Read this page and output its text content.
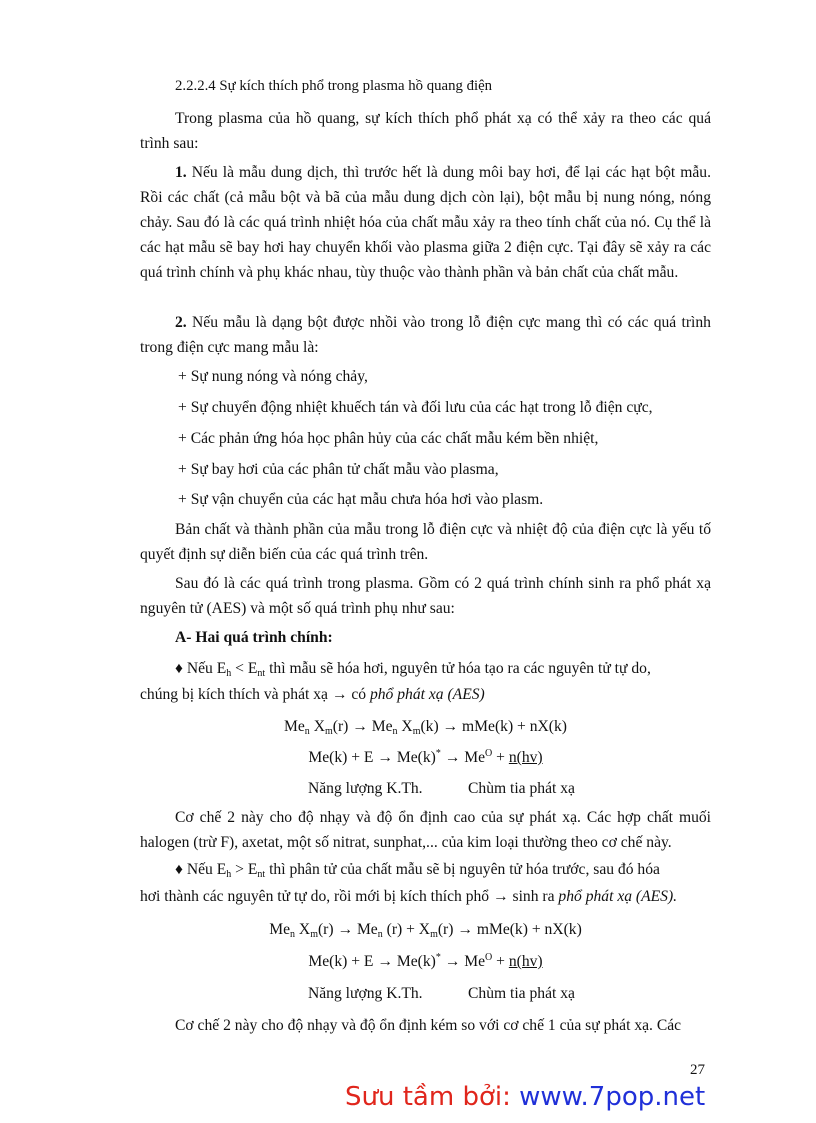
2.2.2.4 Sự kích thích phổ trong plasma hồ quang điện
Trong plasma của hồ quang, sự kích thích phổ phát xạ có thể xảy ra theo các quá trình sau:
1. Nếu là mẫu dung dịch, thì trước hết là dung môi bay hơi, để lại các hạt bột mẫu. Rồi các chất (cả mẫu bột và bã của mẫu dung dịch còn lại), bột mẫu bị nung nóng, nóng chảy. Sau đó là các quá trình nhiệt hóa của chất mẫu xảy ra theo tính chất của nó. Cụ thể là các hạt mẫu sẽ bay hơi hay chuyển khối vào plasma giữa 2 điện cực. Tại đây sẽ xảy ra các quá trình chính và phụ khác nhau, tùy thuộc vào thành phần và bản chất của chất mẫu.
2. Nếu mẫu là dạng bột được nhồi vào trong lỗ điện cực mang thì có các quá trình trong điện cực mang mẫu là:
+ Sự nung nóng và nóng chảy,
+ Sự chuyển động nhiệt khuếch tán và đối lưu của các hạt trong lỗ điện cực,
+ Các phản ứng hóa học phân hủy của các chất mẫu kém bền nhiệt,
+ Sự bay hơi của các phân tử chất mẫu vào plasma,
+ Sự vận chuyển của các hạt mẫu chưa hóa hơi vào plasm.
Bản chất và thành phần của mẫu trong lỗ điện cực và nhiệt độ của điện cực là yếu tố quyết định sự diễn biến của các quá trình trên.
Sau đó là các quá trình trong plasma. Gồm có 2 quá trình chính sinh ra phổ phát xạ nguyên tử (AES) và một số quá trình phụ như sau:
A- Hai quá trình chính:
♦ Nếu $E_h < E_{nt}$ thì mẫu sẽ hóa hơi, nguyên tử hóa tạo ra các nguyên tử tự do,
chúng bị kích thích và phát xạ → có phổ phát xạ (AES)
$Me_n$ $X_m(r) \to Me_n$ $X_m(k) \to mMe(k) + nX(k)$
$Me(k) + E \to Me(k)^* \to Me^O + n(hv)$
Năng lượng K.Th.	Chùm tia phát xạ
Cơ chế 2 này cho độ nhạy và độ ổn định cao của sự phát xạ. Các hợp chất muối halogen (trừ F), axetat, một số nitrat, sunphat,... của kim loại thường theo cơ chế này.
♦ Nếu $E_h > E_{nt}$ thì phân tử của chất mẫu sẽ bị nguyên tử hóa trước, sau đó hóa
hơi thành các nguyên tử tự do, rồi mới bị kích thích phổ → sinh ra phổ phát xạ (AES).
$Me_n$ $X_m(r) \to Me_n$ $(r) + X_m(r) \to mMe(k) + nX(k)$
$Me(k) + E \to Me(k)^* \to Me^O + n(hv)$
Năng lượng K.Th.	Chùm tia phát xạ
Cơ chế 2 này cho độ nhạy và độ ổn định kém so với cơ chế 1 của sự phát xạ. Các
27
Sưu tầm bởi: www.7pop.net
